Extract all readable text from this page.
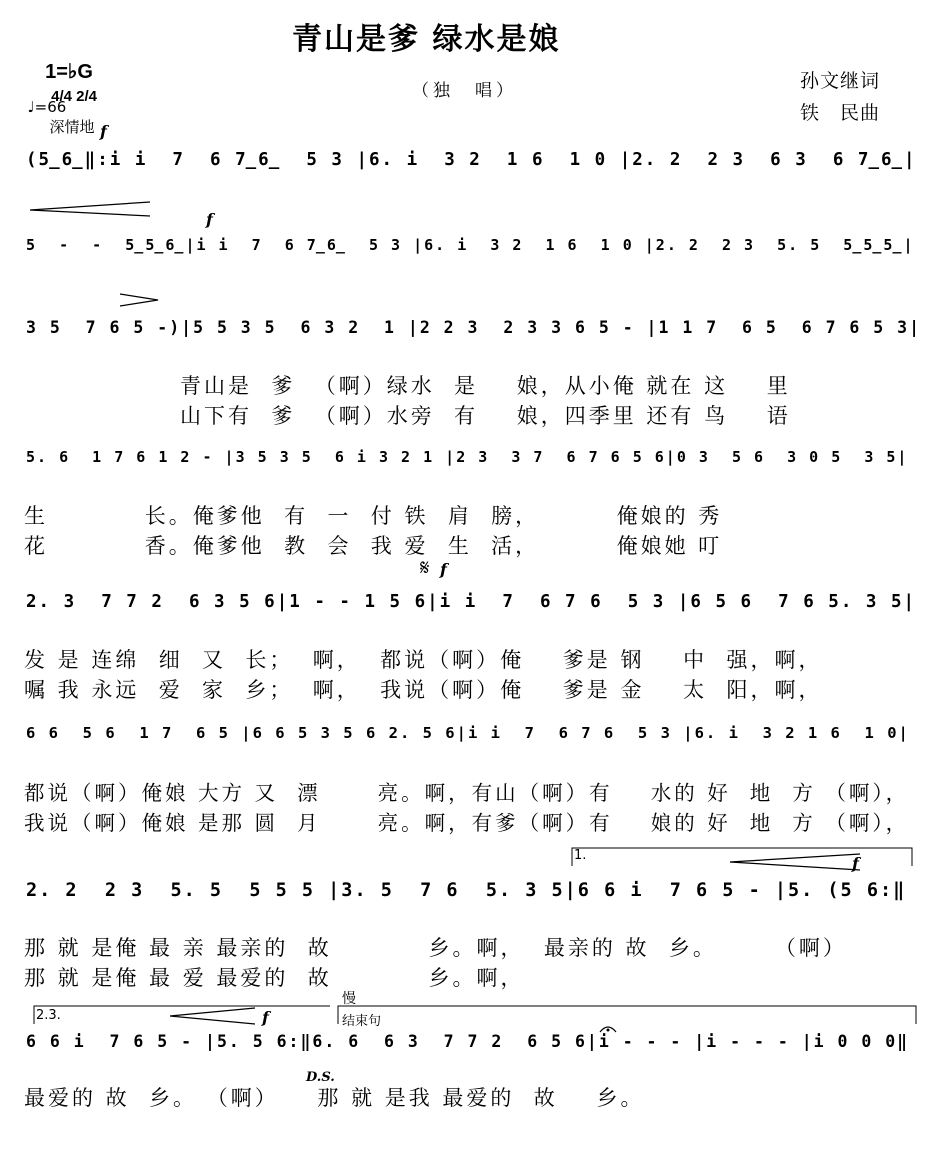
青山是爹 绿水是娘

1=♭G
4/4 2/4

♩=66
深情地

（独　唱）	孙文继词
铁　民曲
(5̲6̲‖:i i  7  6 7̲6̲  5 3 |6. i  3 2  1 6  1 0 |2. 2  2 3  6 3  6 7̲6̲|
5  -  -  5̲5̲6̲|i i  7  6 7̲6̲  5 3 |6. i  3 2  1 6  1 0 |2. 2  2 3  5. 5  5̲5̲5̲|
3 5  7 6 5 -)|5 5 3 5  6 3 2  1 |2 2 3  2 3 3 6 5 - |1 1 7  6 5  6 7 6 5 3|
青山是  爹  （啊）绿水  是    娘，从小俺 就在 这    里
山下有  爹  （啊）水旁  有    娘，四季里 还有 鸟    语
5. 6  1 7 6 1 2 - |3 5 3 5  6 i 3 2 1 |2 3  3 7  6 7 6 5 6|0 3  5 6  3 0 5  3 5|
生          长。俺爹他  有  一  付 铁  肩  膀，        俺娘的 秀
花          香。俺爹他  教  会  我 爱  生  活，        俺娘她 叮
2. 3  7 7 2  6 3 5 6|1 - - 1 5 6|i i  7  6 7 6  5 3 |6 5 6  7 6 5. 3 5|
发 是 连绵  细  又  长；  啊，  都说（啊）俺    爹是 钢    中  强，啊，
嘱 我 永远  爱  家  乡；  啊，  我说（啊）俺    爹是 金    太  阳，啊，
6 6  5 6  1 7  6 5 |6 6 5 3 5 6 2. 5 6|i i  7  6 7 6  5 3 |6. i  3 2 1 6  1 0|
都说（啊）俺娘 大方 又  漂      亮。啊，有山（啊）有    水的 好  地  方 （啊），
我说（啊）俺娘 是那 圆  月      亮。啊，有爹（啊）有    娘的 好  地  方 （啊），
2. 2  2 3  5. 5  5 5 5 |3. 5  7 6  5. 3 5|6 6 i  7 6 5 - |5. (5 6:‖
那 就 是俺 最 亲 最亲的  故          乡。啊，  最亲的 故  乡。      （啊）
那 就 是俺 最 爱 最爱的  故          乡。啊，
6 6 i  7 6 5 - |5. 5 6:‖6. 6  6 3  7 7 2  6 5 6|i - - - |i - - - |i 0 0 0‖
最爱的 故  乡。 （啊）    那 就 是我 最爱的  故    乡。
f
f
𝄋 f
f
f
D.S.
慢
结束句
1.
2.3.
